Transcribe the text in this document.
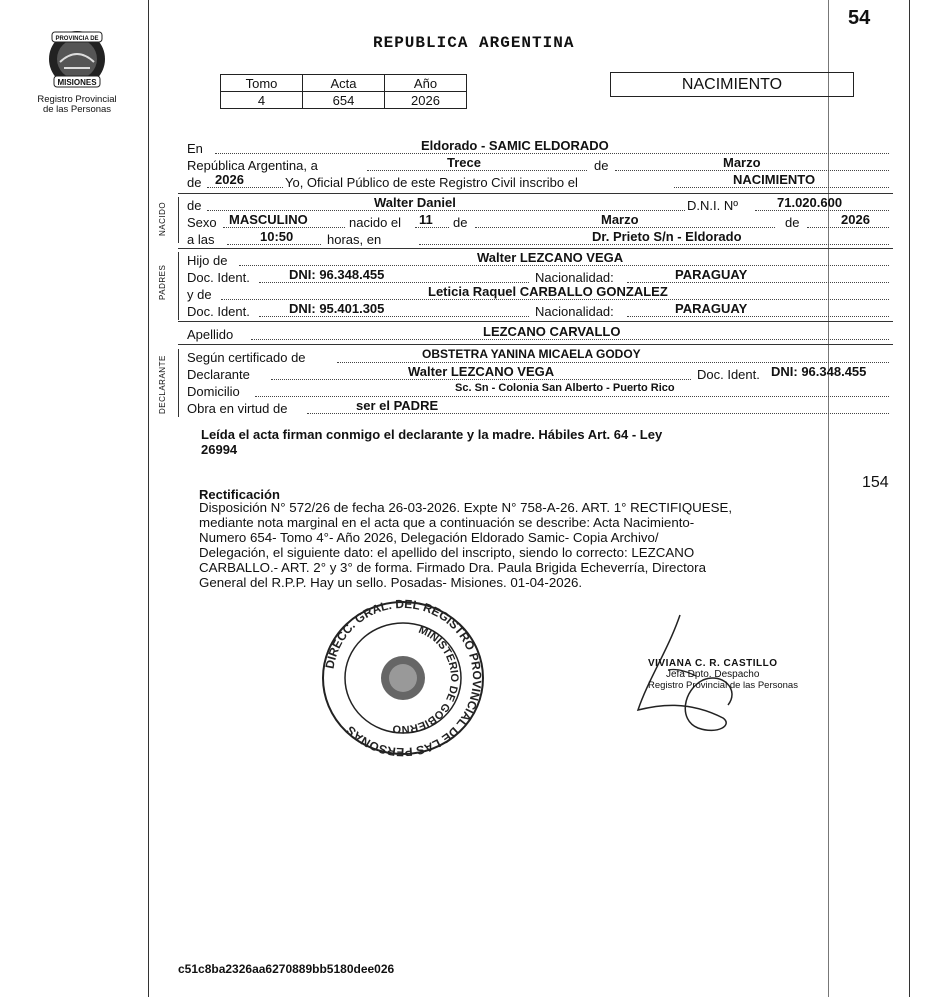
54
PROVINCIA DE
MISIONES
Registro Provincial
de las Personas
REPUBLICA ARGENTINA
Tomo	Acta	Año
4	654	2026
NACIMIENTO
En	Eldorado - SAMIC ELDORADO
República Argentina, a	Trece	de	Marzo
de 2026	Yo, Oficial Público de este Registro Civil inscribo el	NACIMIENTO
NACIDO de	Walter Daniel	D.N.I. Nº	71.020.600
Sexo MASCULINO	nacido el 11 de	Marzo	de	2026
a las	10:50	horas, en	Dr. Prieto S/n - Eldorado
PADRES
Hijo de	Walter LEZCANO VEGA
Doc. Ident.	DNI: 96.348.455	Nacionalidad:	PARAGUAY
y de	Leticia Raquel CARBALLO GONZALEZ
Doc. Ident.	DNI: 95.401.305	Nacionalidad:	PARAGUAY
Apellido	LEZCANO CARVALLO
DECLARANTE Según certificado de	OBSTETRA YANINA MICAELA GODOY
Declarante	Walter LEZCANO VEGA	Doc. Ident. DNI: 96.348.455
Domicilio	Sc. Sn - Colonia San Alberto - Puerto Rico
Obra en virtud de	ser el PADRE
Leída el acta firman conmigo el declarante y la madre. Hábiles Art. 64 - Ley
26994
154
Rectificación
Disposición N° 572/26 de fecha 26-03-2026. Expte N° 758-A-26. ART. 1° RECTIFIQUESE,
mediante nota marginal en el acta que a continuación se describe: Acta Nacimiento-
Numero 654- Tomo 4°- Año 2026, Delegación Eldorado Samic- Copia Archivo/
Delegación, el siguiente dato: el apellido del inscripto, siendo lo correcto: LEZCANO
CARBALLO.- ART. 2° y 3° de forma. Firmado Dra. Paula Brigida Echeverría, Directora
General del R.P.P. Hay un sello. Posadas- Misiones. 01-04-2026.
DIRECC. GRAL. DEL REGISTRO PROVINCIAL DE LAS PERSONAS
MINISTERIO DE GOBIERNO
VIVIANA C. R. CASTILLO
Jefa Dpto. Despacho
Registro Provincial de las Personas
c51c8ba2326aa6270889bb5180dee026
